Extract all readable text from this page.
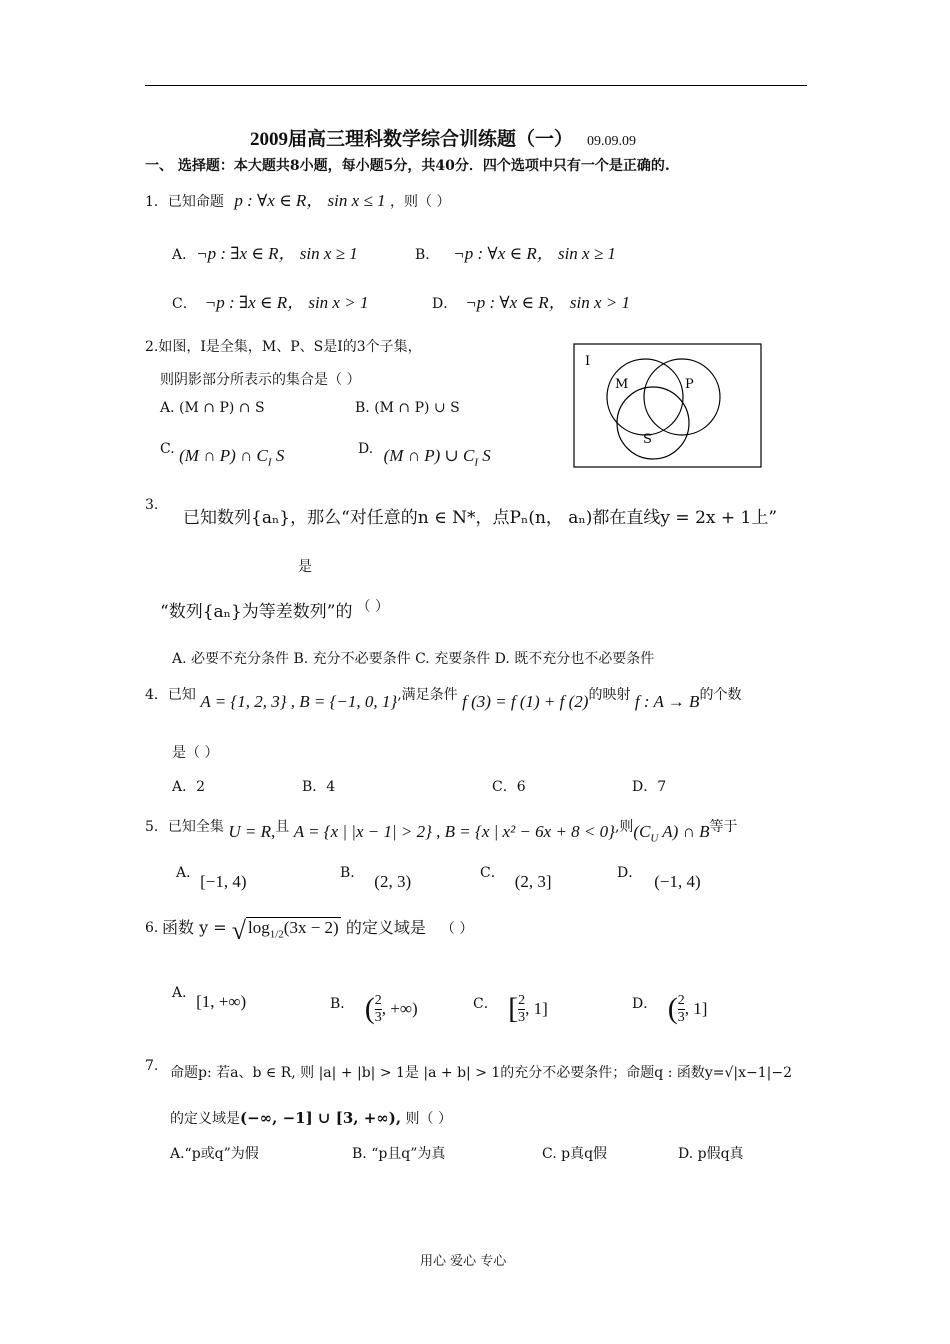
2009届高三理科数学综合训练题（一） 09.09.09
一、 选择题：本大题共8小题，每小题5分，共40分．四个选项中只有一个是正确的.
1．已知命题 p : ∀x ∈ R， sin x ≤ 1 ，则（ ）
A．¬p : ∃x ∈ R， sin x ≥ 1	B． ¬p : ∀x ∈ R， sin x ≥ 1
C． ¬p : ∃x ∈ R， sin x > 1	D． ¬p : ∀x ∈ R， sin x > 1
2.如图，I是全集，M、P、S是I的3个子集，
则阴影部分所表示的集合是（ ）
A. (M ∩ P) ∩ S	B. (M ∩ P) ∪ S
C. (M ∩ P) ∩ $C_I$ S	D. (M ∩ P) ∪ $C_I$ S
I
M	P
S
3.
已知数列{aₙ}，那么“对任意的n ∈ N*，点Pₙ(n， aₙ)都在直线y = 2x + 1上”
是
“数列{aₙ}为等差数列”的 （ ）
A. 必要不充分条件 B. 充分不必要条件 C. 充要条件 D. 既不充分也不必要条件
4．已知 A = {1, 2, 3} , B = {−1, 0, 1},满足条件 f (3) = f (1) + f (2)的映射 f : A → B的个数
是（ ）
A．2	B．4	C．6	D．7
5．已知全集 U = R,且 A = {x | |x − 1| > 2} , B = {x | x² − 6x + 8 < 0},则($C_U$ A) ∩ B等于
A．[−1, 4)	B． (2, 3)	C． (2, 3]	D． (−1, 4)
6. 函数 y = √ $\log_{1/2}(3x - 2)$ 的定义域是 （ ）
A．[1, +∞)	B． ( 2
3 , +∞)	C． [ 2
3 , 1]	D． ( 2
3 , 1]
7. 命题p: 若a、b ∈ R, 则 |a| + |b| > 1是 |a + b| > 1的充分不必要条件；命题q : 函数y=√|x−1|−2
的定义域是(−∞, −1] ∪ [3, +∞), 则（ ）
A.“p或q”为假	B. “p且q”为真	C. p真q假	D. p假q真
用心 爱心 专心
